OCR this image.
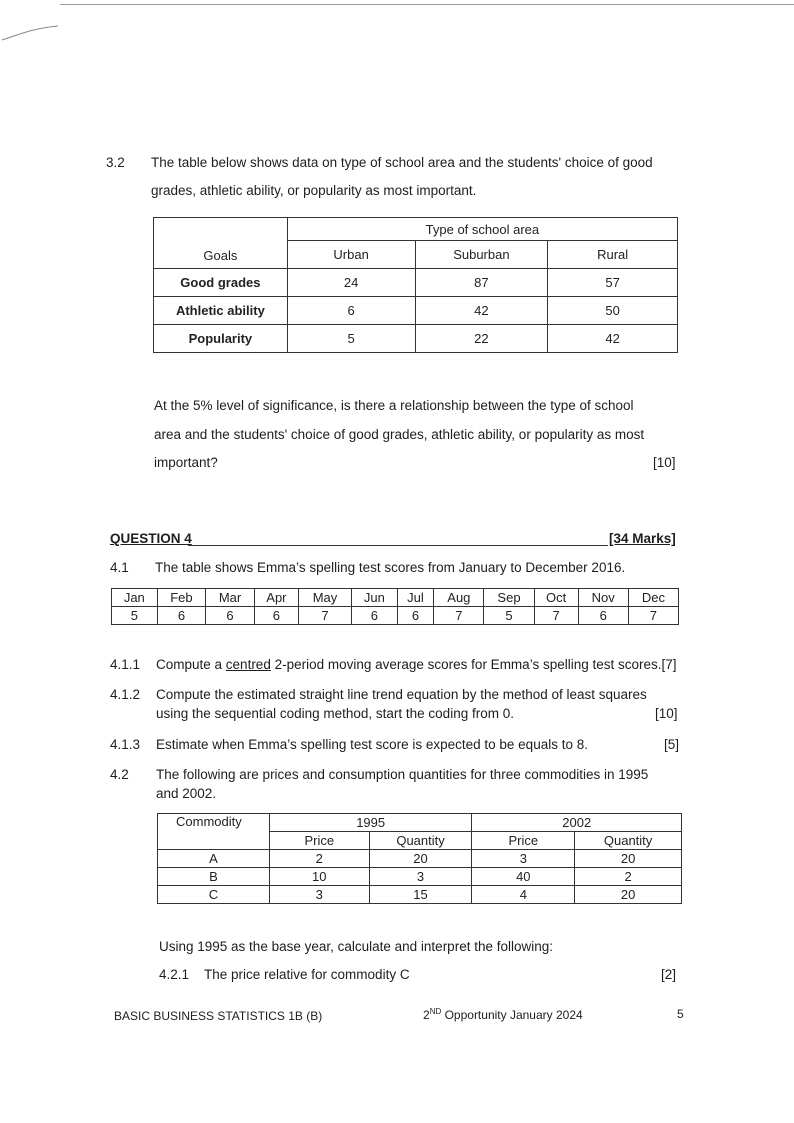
3.2 The table below shows data on type of school area and the students' choice of good
grades, athletic ability, or popularity as most important.
Goals	Type of school area		
	Urban	Suburban	Rural
Good grades	24	87	57
Athletic ability	6	42	50
Popularity	5	22	42
At the 5% level of significance, is there a relationship between the type of school
area and the students' choice of good grades, athletic ability, or popularity as most
important?	[10]
QUESTION 4	[34 Marks]
4.1 The table shows Emma’s spelling test scores from January to December 2016.
Jan	Feb	Mar	Apr	May	Jun	Jul	Aug	Sep	Oct	Nov	Dec
5	6	6	6	7	6	6	7	5	7	6	7
4.1.1 Compute a centred 2-period moving average scores for Emma’s spelling test scores.[7]
4.1.2 Compute the estimated straight line trend equation by the method of least squares
using the sequential coding method, start the coding from 0.	[10]
4.1.3 Estimate when Emma’s spelling test score is expected to be equals to 8.	[5]
4.2 The following are prices and consumption quantities for three commodities in 1995
and 2002.
Commodity	1995		2002	
	Price	Quantity	Price	Quantity
A	2	20	3	20
B	10	3	40	2
C	3	15	4	20
Using 1995 as the base year, calculate and interpret the following:
4.2.1 The price relative for commodity C	[2]
BASIC BUSINESS STATISTICS 1B (B)	2ND Opportunity January 2024	5
